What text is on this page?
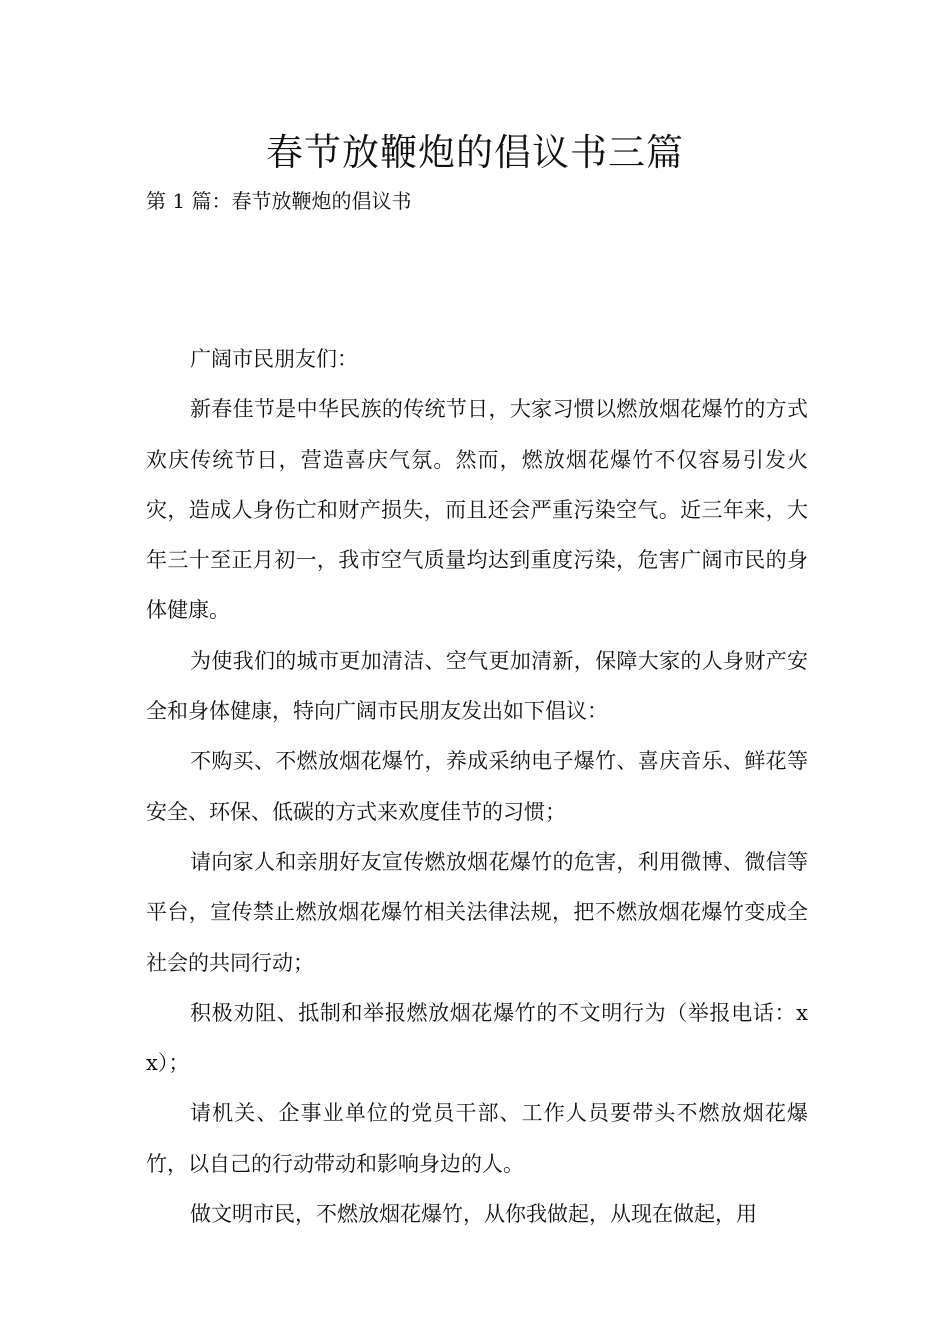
春节放鞭炮的倡议书三篇

第 1 篇：春节放鞭炮的倡议书

广阔市民朋友们：

新春佳节是中华民族的传统节日，大家习惯以燃放烟花爆竹的方式欢庆传统节日，营造喜庆气氛。然而，燃放烟花爆竹不仅容易引发火灾，造成人身伤亡和财产损失，而且还会严重污染空气。近三年来，大年三十至正月初一，我市空气质量均达到重度污染，危害广阔市民的身体健康。

为使我们的城市更加清洁、空气更加清新，保障大家的人身财产安全和身体健康，特向广阔市民朋友发出如下倡议：

不购买、不燃放烟花爆竹，养成采纳电子爆竹、喜庆音乐、鲜花等安全、环保、低碳的方式来欢度佳节的习惯；

请向家人和亲朋好友宣传燃放烟花爆竹的危害，利用微博、微信等平台，宣传禁止燃放烟花爆竹相关法律法规，把不燃放烟花爆竹变成全社会的共同行动；

积极劝阻、抵制和举报燃放烟花爆竹的不文明行为（举报电话：xx）；

请机关、企事业单位的党员干部、工作人员要带头不燃放烟花爆竹，以自己的行动带动和影响身边的人。

做文明市民，不燃放烟花爆竹，从你我做起，从现在做起，用
